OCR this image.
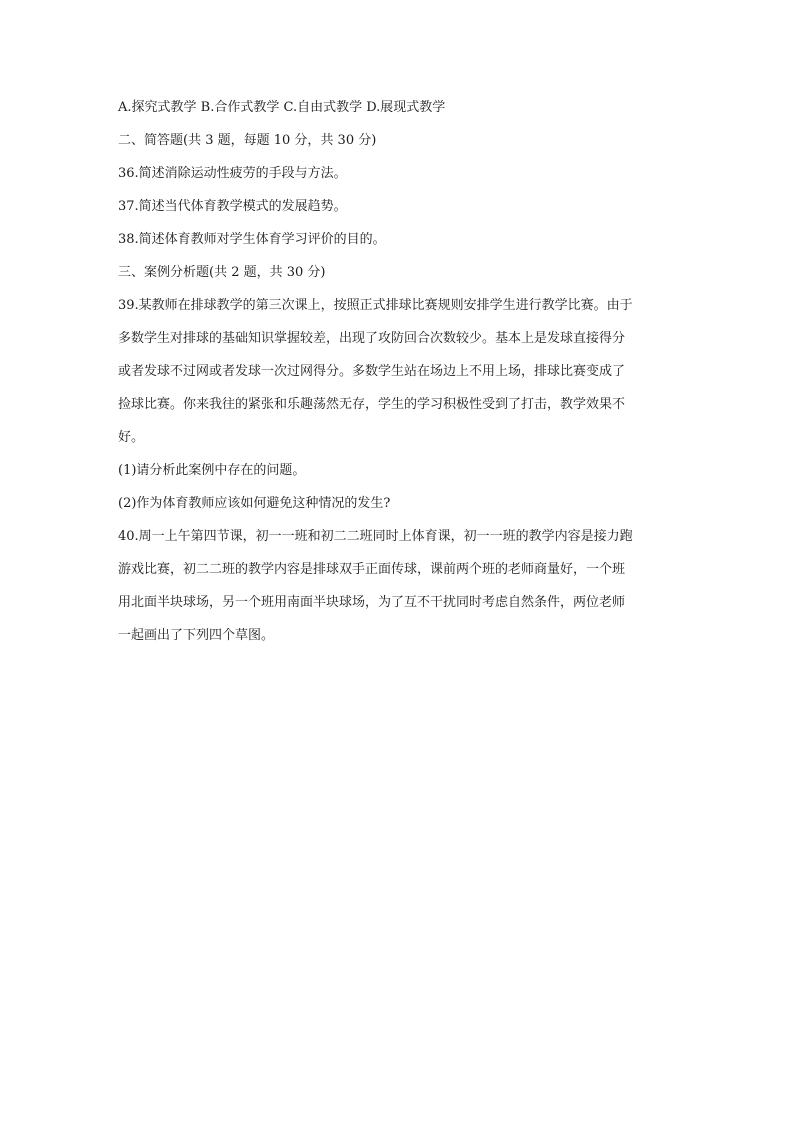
A.探究式教学 B.合作式教学 C.自由式教学 D.展现式教学

二、简答题(共 3 题，每题 10 分，共 30 分)

36.简述消除运动性疲劳的手段与方法。

37.简述当代体育教学模式的发展趋势。

38.简述体育教师对学生体育学习评价的目的。

三、案例分析题(共 2 题，共 30 分)

39.某教师在排球教学的第三次课上，按照正式排球比赛规则安排学生进行教学比赛。由于
多数学生对排球的基础知识掌握较差，出现了攻防回合次数较少。基本上是发球直接得分
或者发球不过网或者发球一次过网得分。多数学生站在场边上不用上场，排球比赛变成了
捡球比赛。你来我往的紧张和乐趣荡然无存，学生的学习积极性受到了打击，教学效果不
好。

(1)请分析此案例中存在的问题。

(2)作为体育教师应该如何避免这种情况的发生?

40.周一上午第四节课，初一一班和初二二班同时上体育课，初一一班的教学内容是接力跑
游戏比赛，初二二班的教学内容是排球双手正面传球，课前两个班的老师商量好，一个班
用北面半块球场，另一个班用南面半块球场，为了互不干扰同时考虑自然条件，两位老师
一起画出了下列四个草图。
